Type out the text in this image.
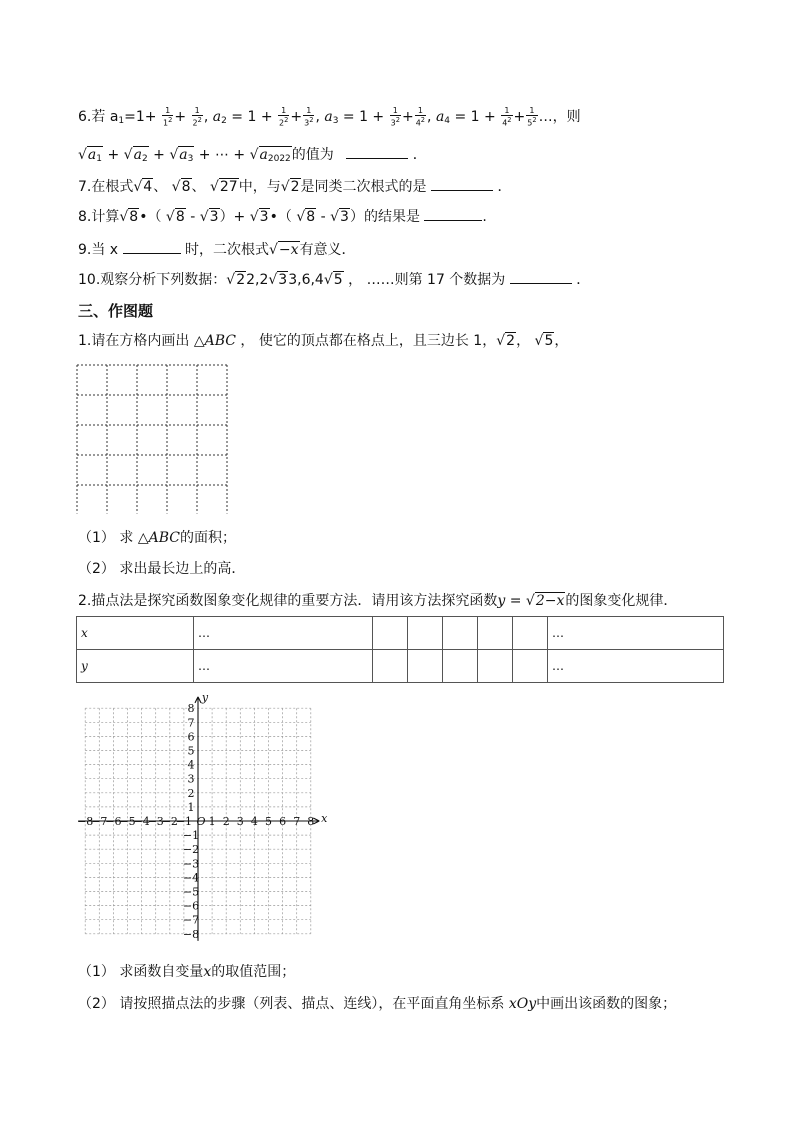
6.若 $a_1=1+ \frac{1}{1^2} + \frac{1}{2^2}$ , $a_2 = 1 + \frac{1}{2^2} + \frac{1}{3^2}$ , $a_3 = 1 + \frac{1}{3^2} + \frac{1}{4^2}$ , $a_4 = 1 + \frac{1}{4^2} + \frac{1}{5^2}$ …，则
$√a_1 + √a_2 + √a_3$ + ⋯ + $√a_{2022}$的值为	．
7.在根式√4、 √8、 √27中，与√2是同类二次根式的是	．
8.计算√8•（ √8 - √3）+ √3•（ √8 - √3）的结果是	.
9.当 x	时，二次根式√−x有意义．
10.观察分析下列数据：√22,2√33,6,4√5 ， ……则第 17 个数据为	．
三、作图题
1.请在方格内画出 △ABC ， 使它的顶点都在格点上，且三边长 1，√2， √5，
（1） 求 △ABC的面积；
（2） 求出最长边上的高．
2.描点法是探究函数图象变化规律的重要方法．请用该方法探究函数y = √2−x的图象变化规律．
x	…						…
y	…						…
−8
−8
−7
−7
−6
−6
−5
−5
−4
−4
−3
−3
−2
−2
−1
−1
1
1
2
2
3
3
4
4
5
5
6
6
7
7
8
8
O	x
y
（1） 求函数自变量x的取值范围；
（2） 请按照描点法的步骤（列表、描点、连线），在平面直角坐标系 xOy中画出该函数的图象；
